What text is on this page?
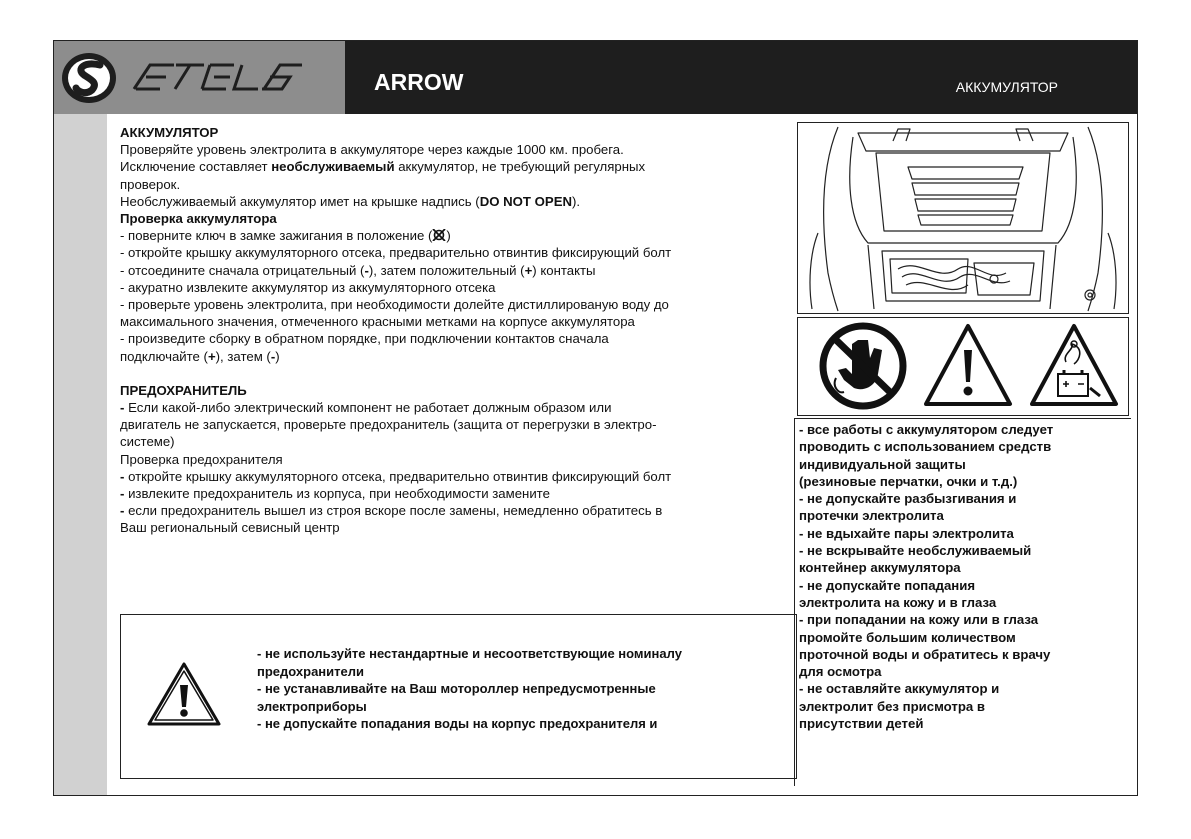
ARROW	АККУМУЛЯТОР

АККУМУЛЯТОР

Проверяйте уровень электролита в аккумуляторе через каждые 1000 км. пробега.

Исключение составляет необслуживаемый аккумулятор, не требующий регулярных

проверок.

Необслуживаемый аккумулятор имет на крышке надпись (DO NOT OPEN).

Проверка аккумулятора

- поверните ключ в замке зажигания в положение ( )

- откройте крышку аккумуляторного отсека, предварительно отвинтив фиксирующий болт

- отсоедините сначала отрицательный (-), затем положительный (+) контакты

- акуратно извлеките аккумулятор из аккумуляторного отсека

- проверьте уровень электролита, при необходимости долейте дистиллированую воду до

максимального значения, отмеченного красными метками на корпусе аккумулятора

- произведите сборку в обратном порядке, при подключении контактов сначала

подключайте (+), затем (-)

ПРЕДОХРАНИТЕЛЬ

- Если какой-либо электрический компонент не работает должным образом или

двигатель не запускается, проверьте предохранитель (защита от перегрузки в электро-

системе)

Проверка предохранителя

- откройте крышку аккумуляторного отсека, предварительно отвинтив фиксирующий болт

- извлеките предохранитель из корпуса, при необходимости замените

- если предохранитель вышел из строя вскоре после замены, немедленно обратитесь в

Ваш региональный севисный центр

- не используйте нестандартные и несоответствующие номиналу

предохранители

- не устанавливайте на Ваш мотороллер непредусмотренные

электроприборы

- не допускайте попадания воды на корпус предохранителя и

- все работы с аккумулятором следует

проводить с использованием средств

индивидуальной защиты

(резиновые перчатки, очки и т.д.)

- не допускайте разбызгивания и

протечки электролита

- не вдыхайте пары электролита

- не вскрывайте необслуживаемый

контейнер аккумулятора

- не допускайте попадания

электролита на кожу и в глаза

- при попадании на кожу или в глаза

промойте большим количеством

проточной воды и обратитесь к врачу

для осмотра

- не оставляйте аккумулятор и

электролит без присмотра в

присутствии детей
